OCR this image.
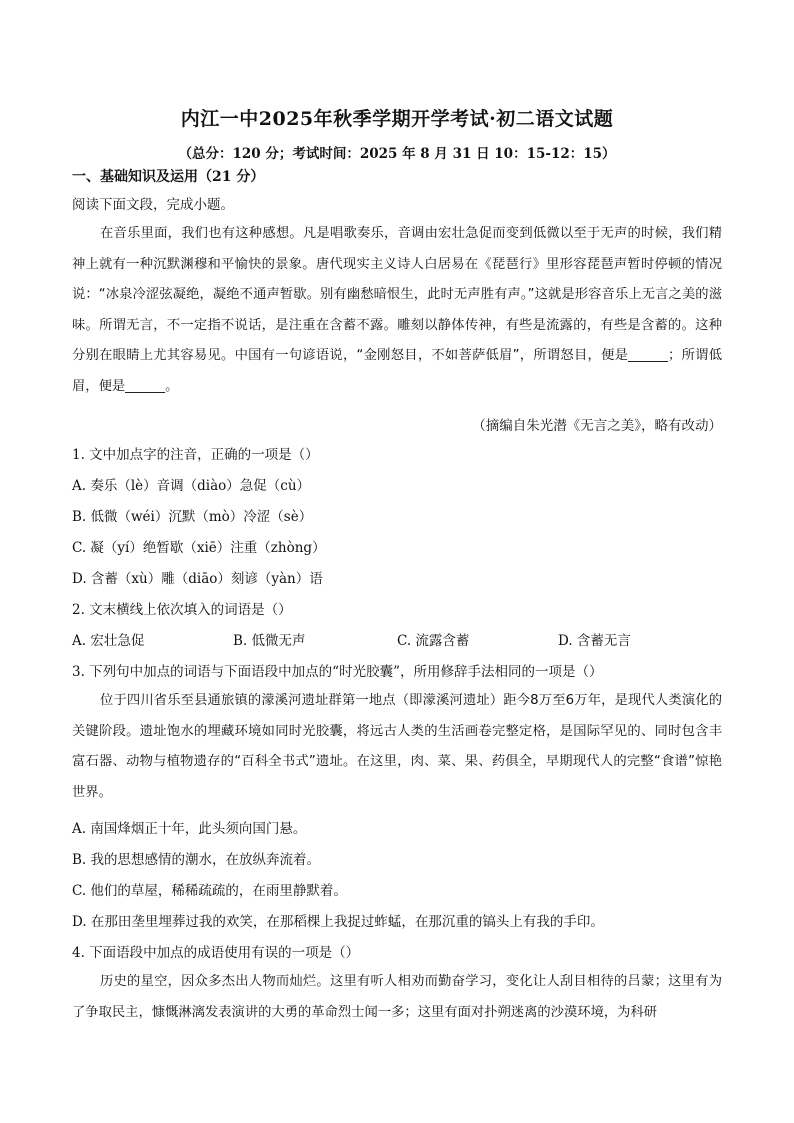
内江一中2025年秋季学期开学考试·初二语文试题
（总分：120 分；考试时间：2025 年 8 月 31 日 10：15-12：15）
一、基础知识及运用（21 分）
阅读下面文段，完成小题。

在音乐里面，我们也有这种感想。凡是唱歌奏乐，音调由宏壮急促而变到低微以至于无声的时候，我们精神上就有一种沉默渊穆和平愉快的景象。唐代现实主义诗人白居易在《琵琶行》里形容琵琶声暂时停顿的情况说：“冰泉冷涩弦凝绝，凝绝不通声暂歇。别有幽愁暗恨生，此时无声胜有声。”这就是形容音乐上无言之美的滋味。所谓无言，不一定指不说话，是注重在含蓄不露。雕刻以静体传神，有些是流露的，有些是含蓄的。这种分别在眼睛上尤其容易见。中国有一句谚语说，“金刚怒目，不如菩萨低眉”，所谓怒目，便是______；所谓低眉，便是______。

（摘编自朱光潜《无言之美》，略有改动）
1. 文中加点字的注音，正确的一项是（）
A. 奏乐（lè）音调（diào）急促（cù）
B. 低微（wéi）沉默（mò）冷涩（sè）
C. 凝（yí）绝暂歇（xiē）注重（zhòng）
D. 含蓄（xù）雕（diāo）刻谚（yàn）语
2. 文末横线上依次填入的词语是（）
A. 宏壮急促	B. 低微无声	C. 流露含蓄	D. 含蓄无言
3. 下列句中加点的词语与下面语段中加点的“时光胶囊”，所用修辞手法相同的一项是（）

位于四川省乐至县通旅镇的濛溪河遗址群第一地点（即濛溪河遗址）距今8万至6万年，是现代人类演化的关键阶段。遗址饱水的埋藏环境如同时光胶囊，将远古人类的生活画卷完整定格，是国际罕见的、同时包含丰富石器、动物与植物遗存的“百科全书式”遗址。在这里，肉、菜、果、药俱全，早期现代人的完整“食谱”惊艳世界。

A. 南国烽烟正十年，此头须向国门悬。
B. 我的思想感情的潮水，在放纵奔流着。
C. 他们的草屋，稀稀疏疏的，在雨里静默着。
D. 在那田垄里埋葬过我的欢笑，在那稻棵上我捉过蚱蜢，在那沉重的镐头上有我的手印。
4. 下面语段中加点的成语使用有误的一项是（）

历史的星空，因众多杰出人物而灿烂。这里有听人相劝而勤奋学习，变化让人刮目相待的吕蒙；这里有为了争取民主，慷慨淋漓发表演讲的大勇的革命烈士闻一多；这里有面对扑朔迷离的沙漠环境，为科研
